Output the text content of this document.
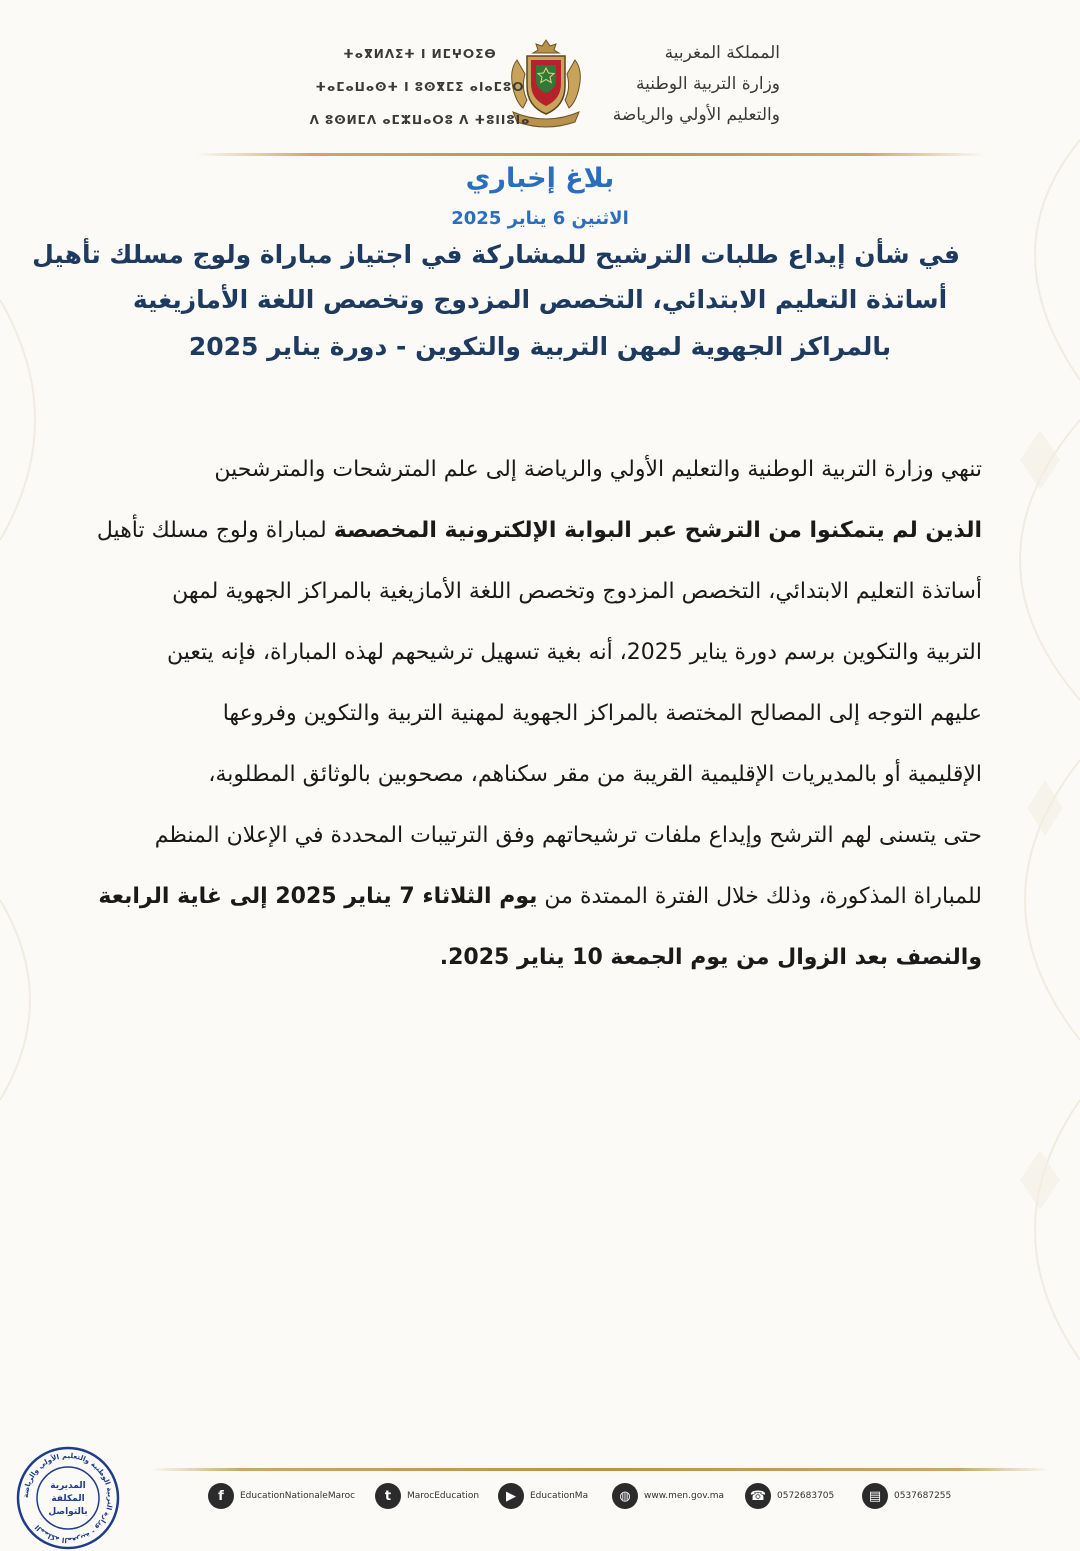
المملكة المغربية
وزارة التربية الوطنية
والتعليم الأولي والرياضة
ⵜⴰⴳⵍⴷⵉⵜ ⵏ ⵍⵎⵖⵔⵉⴱ
ⵜⴰⵎⴰⵡⴰⵙⵜ ⵏ ⵓⵙⴳⵎⵉ ⴰⵏⴰⵎⵓⵔ
ⴷ ⵓⵙⵍⵎⴷ ⴰⵎⵣⵡⴰⵔⵓ ⴷ ⵜⵓⵏⵏⵓⵏⴰ
بلاغ إخباري
الاثنين 6 يناير 2025
في شأن إيداع طلبات الترشيح للمشاركة في اجتياز مباراة ولوج مسلك تأهيل
أساتذة التعليم الابتدائي، التخصص المزدوج وتخصص اللغة الأمازيغية
بالمراكز الجهوية لمهن التربية والتكوين - دورة يناير 2025
تنهي وزارة التربية الوطنية والتعليم الأولي والرياضة إلى علم المترشحات والمترشحين
الذين لم يتمكنوا من الترشح عبر البوابة الإلكترونية المخصصة لمباراة ولوج مسلك تأهيل
أساتذة التعليم الابتدائي، التخصص المزدوج وتخصص اللغة الأمازيغية بالمراكز الجهوية لمهن
التربية والتكوين برسم دورة يناير 2025، أنه بغية تسهيل ترشيحهم لهذه المباراة، فإنه يتعين
عليهم التوجه إلى المصالح المختصة بالمراكز الجهوية لمهنية التربية والتكوين وفروعها
الإقليمية أو بالمديريات الإقليمية القريبة من مقر سكناهم، مصحوبين بالوثائق المطلوبة،
حتى يتسنى لهم الترشح وإيداع ملفات ترشيحاتهم وفق الترتيبات المحددة في الإعلان المنظم
للمباراة المذكورة، وذلك خلال الفترة الممتدة من يوم الثلاثاء 7 يناير 2025 إلى غاية الرابعة
والنصف بعد الزوال من يوم الجمعة 10 يناير 2025.
f	EducationNationaleMaroc	t	MarocEducation	▶	EducationMa	◍	www.men.gov.ma	☎	0572683705	▤	0537687255
المملكة المغربية - وزارة التربية الوطنية والتعليم الأولي والرياضة
المديرية
المكلفة
بالتواصل
